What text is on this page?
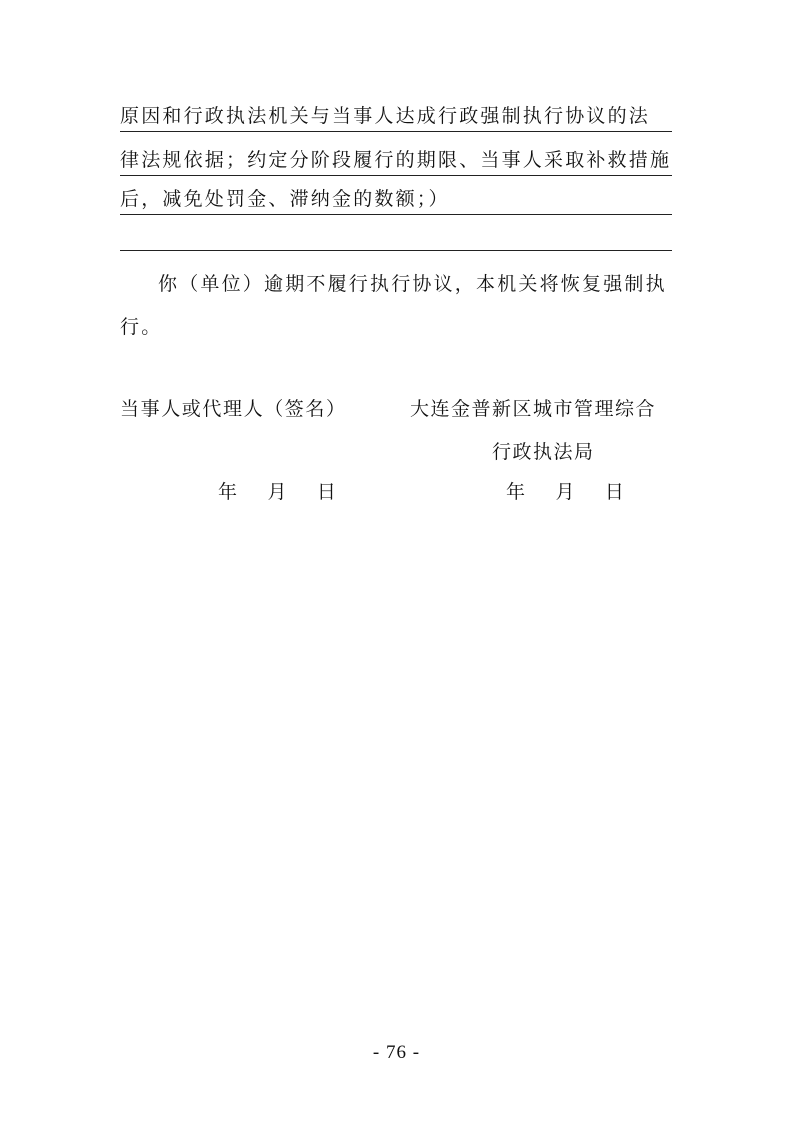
原因和行政执法机关与当事人达成行政强制执行协议的法
律法规依据；约定分阶段履行的期限、当事人采取补救措施
后，减免处罚金、滞纳金的数额；）
你（单位）逾期不履行执行协议，本机关将恢复强制执
行。
当事人或代理人（签名）	大连金普新区城市管理综合
行政执法局
年 月 日	年 月 日
- 76 -
